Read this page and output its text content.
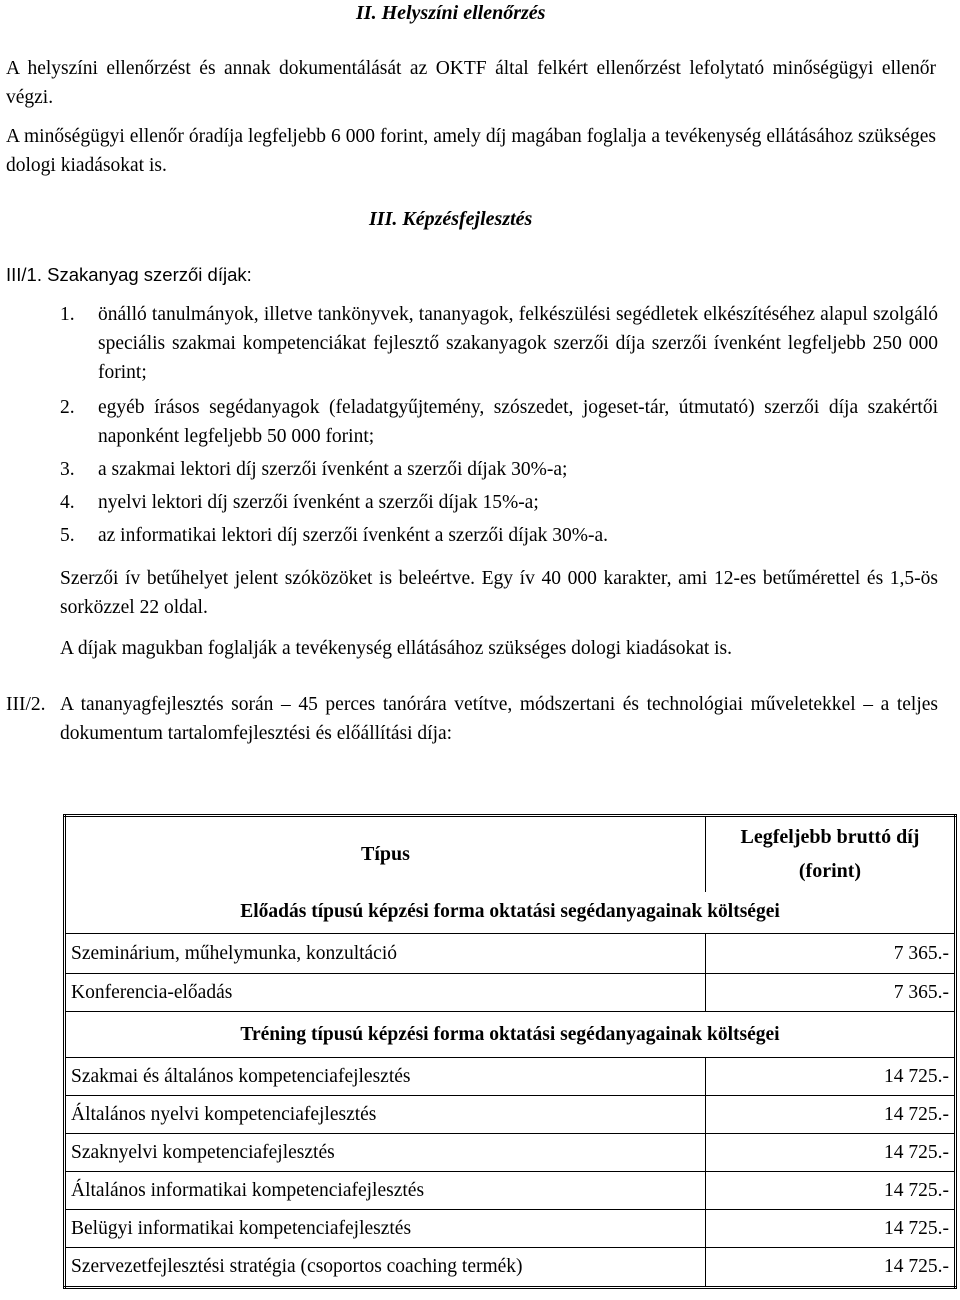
II. Helyszíni ellenőrzés
A helyszíni ellenőrzést és annak dokumentálását az OKTF által felkért ellenőrzést lefolytató minőségügyi ellenőr végzi.
A minőségügyi ellenőr óradíja legfeljebb 6 000 forint, amely díj magában foglalja a tevékenység ellátásához szükséges dologi kiadásokat is.
III. Képzésfejlesztés
III/1. Szakanyag szerzői díjak:
1.	önálló tanulmányok, illetve tankönyvek, tananyagok, felkészülési segédletek elkészítéséhez alapul szolgáló speciális szakmai kompetenciákat fejlesztő szakanyagok szerzői díja szerzői ívenként legfeljebb 250 000 forint;
2.	egyéb írásos segédanyagok (feladatgyűjtemény, szószedet, jogeset-tár, útmutató) szerzői díja szakértői naponként legfeljebb 50 000 forint;
3.	a szakmai lektori díj szerzői ívenként a szerzői díjak 30%-a;
4.	nyelvi lektori díj szerzői ívenként a szerzői díjak 15%-a;
5.	az informatikai lektori díj szerzői ívenként a szerzői díjak 30%-a.
Szerzői ív betűhelyet jelent szóközöket is beleértve. Egy ív 40 000 karakter, ami 12-es betűmérettel és 1,5-ös sorközzel 22 oldal.
A díjak magukban foglalják a tevékenység ellátásához szükséges dologi kiadásokat is.
III/2. A tananyagfejlesztés során – 45 perces tanórára vetítve, módszertani és technológiai műveletekkel – a teljes dokumentum tartalomfejlesztési és előállítási díja:
Típus	Legfeljebb bruttó díj (forint)
Előadás típusú képzési forma oktatási segédanyagainak költségei	
Szeminárium, műhelymunka, konzultáció	7 365.-
Konferencia-előadás	7 365.-
Tréning típusú képzési forma oktatási segédanyagainak költségei	
Szakmai és általános kompetenciafejlesztés	14 725.-
Általános nyelvi kompetenciafejlesztés	14 725.-
Szaknyelvi kompetenciafejlesztés	14 725.-
Általános informatikai kompetenciafejlesztés	14 725.-
Belügyi informatikai kompetenciafejlesztés	14 725.-
Szervezetfejlesztési stratégia (csoportos coaching termék)	14 725.-
